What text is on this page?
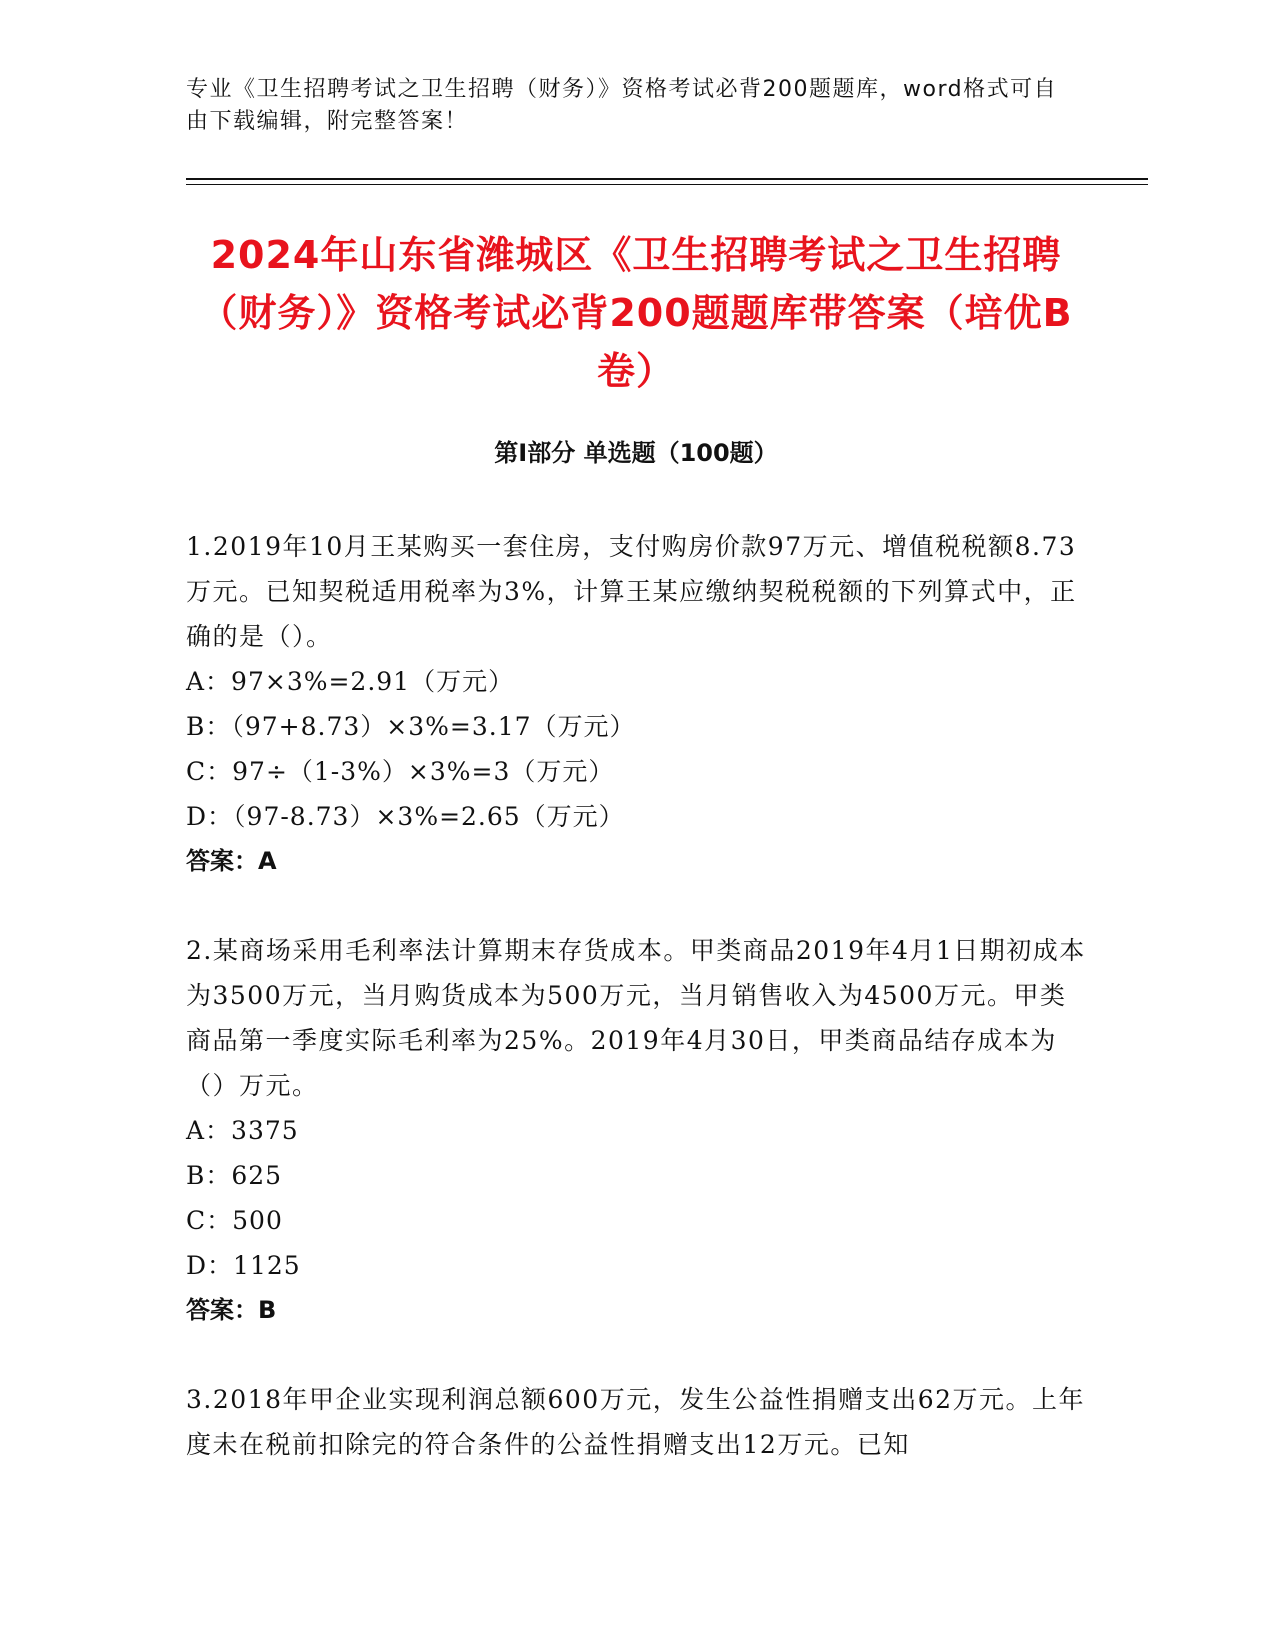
专业《卫生招聘考试之卫生招聘（财务）》资格考试必背200题题库，word格式可自由下载编辑，附完整答案！
2024年山东省潍城区《卫生招聘考试之卫生招聘（财务）》资格考试必背200题题库带答案（培优B卷）
第I部分 单选题（100题）

1.2019年10月王某购买一套住房，支付购房价款97万元、增值税税额8.73万元。已知契税适用税率为3%，计算王某应缴纳契税税额的下列算式中，正确的是（）。

A：97×3%=2.91（万元）

B：（97+8.73）×3%=3.17（万元）

C：97÷（1-3%）×3%=3（万元）

D：（97-8.73）×3%=2.65（万元）

答案：A

2.某商场采用毛利率法计算期末存货成本。甲类商品2019年4月1日期初成本为3500万元，当月购货成本为500万元，当月销售收入为4500万元。甲类商品第一季度实际毛利率为25%。2019年4月30日，甲类商品结存成本为（）万元。

A：3375

B：625

C：500

D：1125

答案：B

3.2018年甲企业实现利润总额600万元，发生公益性捐赠支出62万元。上年度未在税前扣除完的符合条件的公益性捐赠支出12万元。已知
